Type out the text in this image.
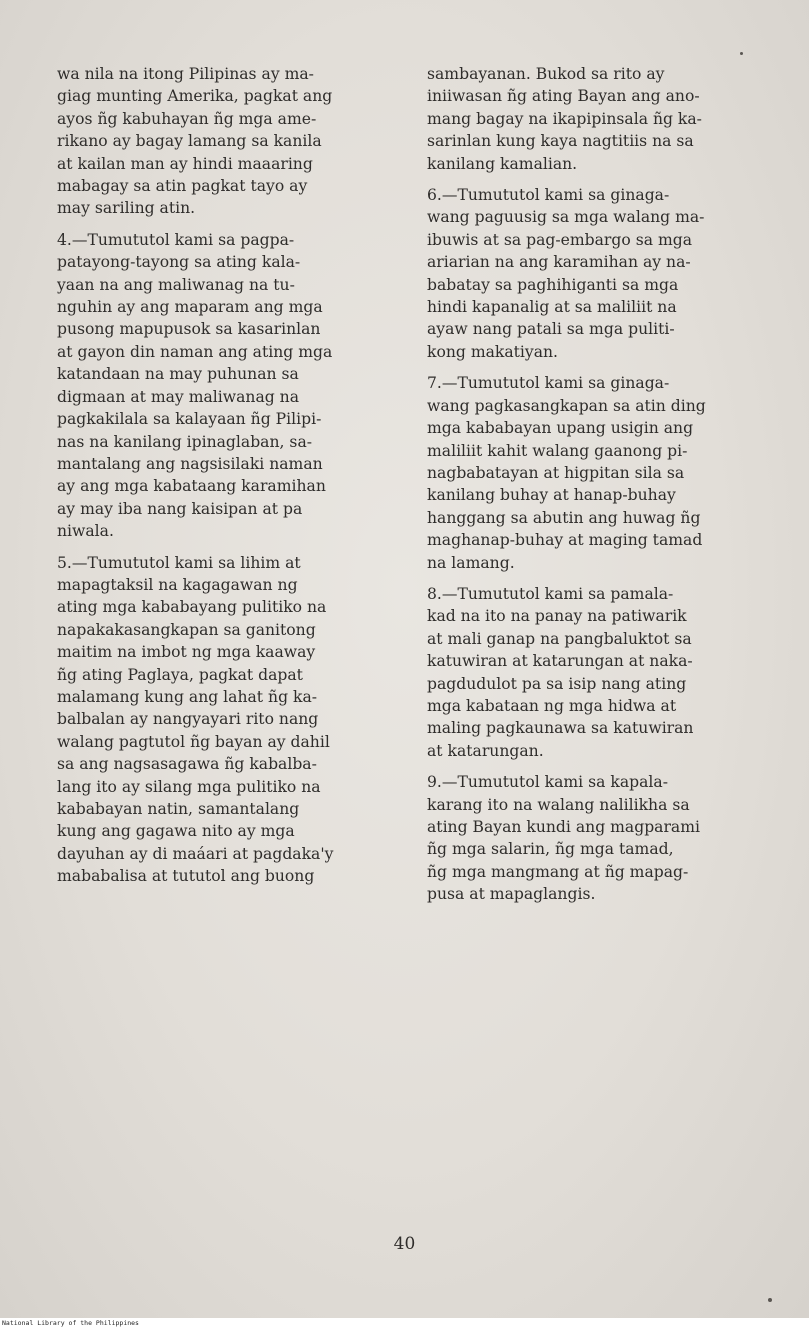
wa nila na itong Pilipinas ay ma-
giag munting Amerika, pagkat ang
ayos ñg kabuhayan ñg mga ame-
rikano ay bagay lamang sa kanila
at kailan man ay hindi maaaring
mabagay sa atin pagkat tayo ay
may sariling atin.

4.—Tumututol kami sa pagpa-
patayong-tayong sa ating kala-
yaan na ang maliwanag na tu-
nguhin ay ang maparam ang mga
pusong mapupusok sa kasarinlan
at gayon din naman ang ating mga
katandaan na may puhunan sa
digmaan at may maliwanag na
pagkakilala sa kalayaan ñg Pilipi-
nas na kanilang ipinaglaban, sa-
mantalang ang nagsisilaki naman
ay ang mga kabataang karamihan
ay may iba nang kaisipan at pa
niwala.

5.—Tumututol kami sa lihim at
mapagtaksil na kagagawan ng
ating mga kababayang pulitiko na
napakakasangkapan sa ganitong
maitim na imbot ng mga kaaway
ñg ating Paglaya, pagkat dapat
malamang kung ang lahat ñg ka-
balbalan ay nangyayari rito nang
walang pagtutol ñg bayan ay dahil
sa ang nagsasagawa ñg kabalba-
lang ito ay silang mga pulitiko na
kababayan natin, samantalang
kung ang gagawa nito ay mga
dayuhan ay di maáari at pagdaka'y
mababalisa at tututol ang buong

sambayanan. Bukod sa rito ay
iniiwasan ñg ating Bayan ang ano-
mang bagay na ikapipinsala ñg ka-
sarinlan kung kaya nagtitiis na sa
kanilang kamalian.

6.—Tumututol kami sa ginaga-
wang paguusig sa mga walang ma-
ibuwis at sa pag-embargo sa mga
ariarian na ang karamihan ay na-
babatay sa paghihiganti sa mga
hindi kapanalig at sa maliliit na
ayaw nang patali sa mga puliti-
kong makatiyan.

7.—Tumututol kami sa ginaga-
wang pagkasangkapan sa atin ding
mga kababayan upang usigin ang
maliliit kahit walang gaanong pi-
nagbabatayan at higpitan sila sa
kanilang buhay at hanap-buhay
hanggang sa abutin ang huwag ñg
maghanap-buhay at maging tamad
na lamang.

8.—Tumututol kami sa pamala-
kad na ito na panay na patiwarik
at mali ganap na pangbaluktot sa
katuwiran at katarungan at naka-
pagdudulot pa sa isip nang ating
mga kabataan ng mga hidwa at
maling pagkaunawa sa katuwiran
at katarungan.

9.—Tumututol kami sa kapala-
karang ito na walang nalilikha sa
ating Bayan kundi ang magparami
ñg mga salarin, ñg mga tamad,
ñg mga mangmang at ñg mapag-
pusa at mapaglangis.

40
National Library of the Philippines
